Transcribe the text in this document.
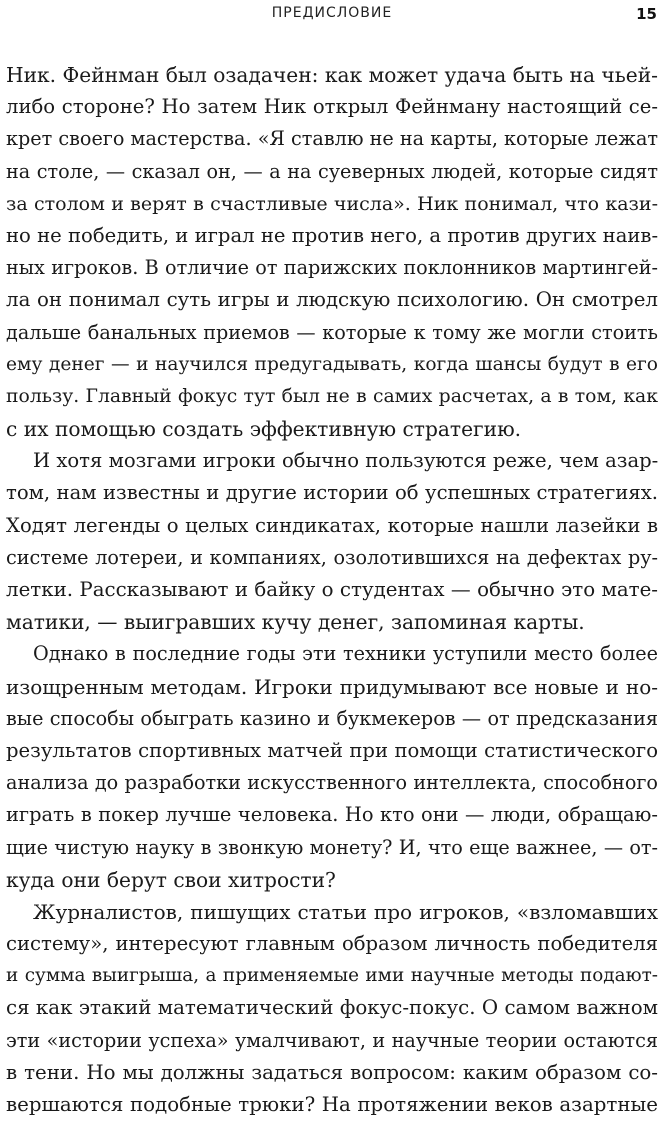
ПРЕДИСЛОВИЕ	15
Ник. Фейнман был озадачен: как может удача быть на чьей-
либо стороне? Но затем Ник открыл Фейнману настоящий се-
крет своего мастерства. «Я ставлю не на карты, которые лежат
на столе, — сказал он, — а на суеверных людей, которые сидят
за столом и верят в счастливые числа». Ник понимал, что кази-
но не победить, и играл не против него, а против других наив-
ных игроков. В отличие от парижских поклонников мартингей-
ла он понимал суть игры и людскую психологию. Он смотрел
дальше банальных приемов — которые к тому же могли стоить
ему денег — и научился предугадывать, когда шансы будут в его
пользу. Главный фокус тут был не в самих расчетах, а в том, как
с их помощью создать эффективную стратегию.
И хотя мозгами игроки обычно пользуются реже, чем азар-
том, нам известны и другие истории об успешных стратегиях.
Ходят легенды о целых синдикатах, которые нашли лазейки в
системе лотереи, и компаниях, озолотившихся на дефектах ру-
летки. Рассказывают и байку о студентах — обычно это мате-
матики, — выигравших кучу денег, запоминая карты.
Однако в последние годы эти техники уступили место более
изощренным методам. Игроки придумывают все новые и но-
вые способы обыграть казино и букмекеров — от предсказания
результатов спортивных матчей при помощи статистического
анализа до разработки искусственного интеллекта, способного
играть в покер лучше человека. Но кто они — люди, обращаю-
щие чистую науку в звонкую монету? И, что еще важнее, — от-
куда они берут свои хитрости?
Журналистов, пишущих статьи про игроков, «взломавших
систему», интересуют главным образом личность победителя
и сумма выигрыша, а применяемые ими научные методы подают-
ся как этакий математический фокус-покус. О самом важном
эти «истории успеха» умалчивают, и научные теории остаются
в тени. Но мы должны задаться вопросом: каким образом со-
вершаются подобные трюки? На протяжении веков азартные
